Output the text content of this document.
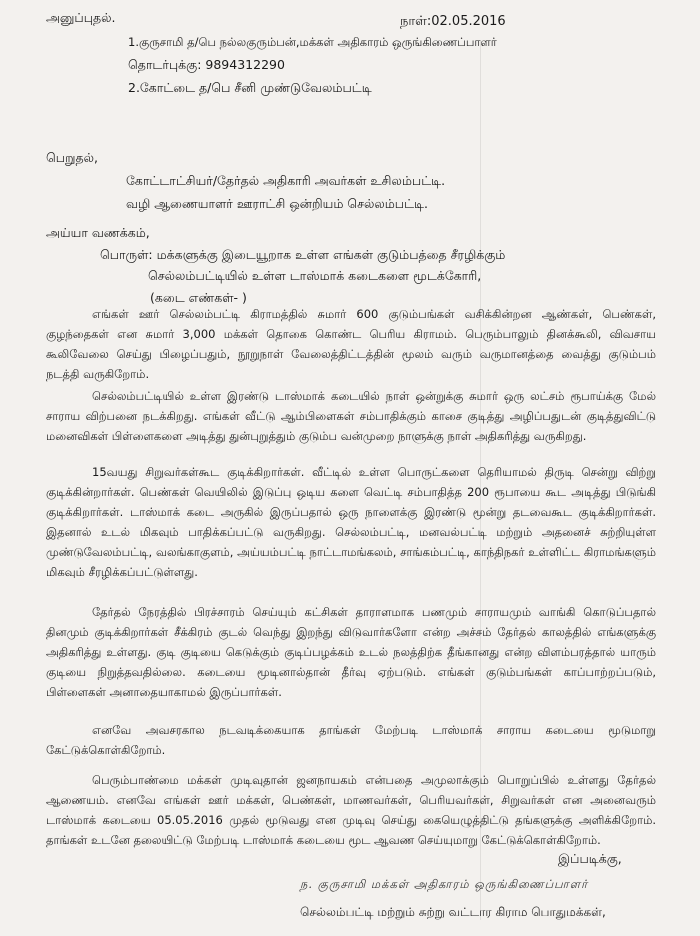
அனுப்புதல்.	நாள்:02.05.2016
1.குருசாமி த/பெ நல்லகுரும்பன்,மக்கள் அதிகாரம் ஒருங்கிணைப்பாளர்
தொடர்புக்கு: 9894312290
2.கோட்டை த/பெ சீனி முண்டுவேலம்பட்டி
பெறுதல்,
கோட்டாட்சியர்/தேர்தல் அதிகாரி அவர்கள் உசிலம்பட்டி.
வழி ஆணையாளர் ஊராட்சி ஒன்றியம் செல்லம்பட்டி.
அய்யா வணக்கம்,
பொருள்: மக்களுக்கு இடையூறாக உள்ள எங்கள் குடும்பத்தை சீரழிக்கும்
செல்லம்பட்டியில் உள்ள டாஸ்மாக் கடைகளை மூடக்கோரி,
(கடை எண்கள்- )
எங்கள் ஊர் செல்லம்பட்டி கிராமத்தில் சுமார் 600 குடும்பங்கள் வசிக்கின்றன ஆண்கள், பெண்கள், குழந்தைகள் என சுமார் 3,000 மக்கள் தொகை கொண்ட பெரிய கிராமம். பெரும்பாலும் தினக்கூலி, விவசாய கூலிவேலை செய்து பிழைப்பதும், நூறுநாள் வேலைத்திட்டத்தின் மூலம் வரும் வருமானத்தை வைத்து குடும்பம் நடத்தி வருகிறோம்.
செல்லம்பட்டியில் உள்ள இரண்டு டாஸ்மாக் கடையில் நாள் ஒன்றுக்கு சுமார் ஒரு லட்சம் ரூபாய்க்கு மேல் சாராய விற்பனை நடக்கிறது. எங்கள் வீட்டு ஆம்பிளைகள் சம்பாதிக்கும் காசை குடித்து அழிப்பதுடன் குடித்துவிட்டு மனைவிகள் பிள்ளைகளை அடித்து துன்புறுத்தும் குடும்ப வன்முறை நாளுக்கு நாள் அதிகரித்து வருகிறது.
15வயது சிறுவர்கள்கூட குடிக்கிறார்கள். வீட்டில் உள்ள பொருட்களை தெரியாமல் திருடி சென்று விற்று குடிக்கின்றார்கள். பெண்கள் வெயிலில் இடுப்பு ஒடிய களை வெட்டி சம்பாதித்த 200 ரூபாயை கூட அடித்து பிடுங்கி குடிக்கிறார்கள். டாஸ்மாக் கடை அருகில் இருப்பதால் ஒரு நாளைக்கு இரண்டு மூன்று தடவைகூட குடிக்கிறார்கள். இதனால் உடல் மிகவும் பாதிக்கப்பட்டு வருகிறது. செல்லம்பட்டி, மனவல்பட்டி மற்றும் அதனைச் சுற்றியுள்ள முண்டுவேலம்பட்டி, வலங்காகுளம், அய்யம்பட்டி நாட்டாமங்கலம், சாங்கம்பட்டி, காந்திநகர் உள்ளிட்ட கிராமங்களும் மிகவும் சீரழிக்கப்பட்டுள்ளது.
தேர்தல் நேரத்தில் பிரச்சாரம் செய்யும் கட்சிகள் தாராளமாக பணமும் சாராயமும் வாங்கி கொடுப்பதால் தினமும் குடிக்கிறார்கள் சீக்கிரம் குடல் வெந்து இறந்து விடுவார்களோ என்ற அச்சம் தேர்தல் காலத்தில் எங்களுக்கு அதிகரித்து உள்ளது. குடி குடியை கெடுக்கும் குடிப்பழக்கம் உடல் நலத்திற்க தீங்கானது என்ற விளம்பரத்தால் யாரும் குடியை நிறுத்தவதில்லை. கடையை மூடினால்தான் தீர்வு ஏற்படும். எங்கள் குடும்பங்கள் காப்பாற்றப்படும், பிள்ளைகள் அனாதையாகாமல் இருப்பார்கள்.
எனவே அவசரகால நடவடிக்கையாக தாங்கள் மேற்படி டாஸ்மாக் சாராய கடையை மூடுமாறு கேட்டுக்கொள்கிறோம்.
பெரும்பாண்மை மக்கள் முடிவுதான் ஜனநாயகம் என்பதை அமுலாக்கும் பொறுப்பில் உள்ளது தேர்தல் ஆணையம். எனவே எங்கள் ஊர் மக்கள், பெண்கள், மாணவர்கள், பெரியவர்கள், சிறுவர்கள் என அனைவரும் டாஸ்மாக் கடையை 05.05.2016 முதல் மூடுவது என முடிவு செய்து கையெழுத்திட்டு தங்களுக்கு அளிக்கிறோம். தாங்கள் உடனே தலையிட்டு மேற்படி டாஸ்மாக் கடையை மூட ஆவண செய்யுமாறு கேட்டுக்கொள்கிறோம்.
இப்படிக்கு,
ந. குருசாமி மக்கள் அதிகாரம் ஒருங்கிணைப்பாளர்
செல்லம்பட்டி மற்றும் சுற்று வட்டார கிராம பொதுமக்கள்,
